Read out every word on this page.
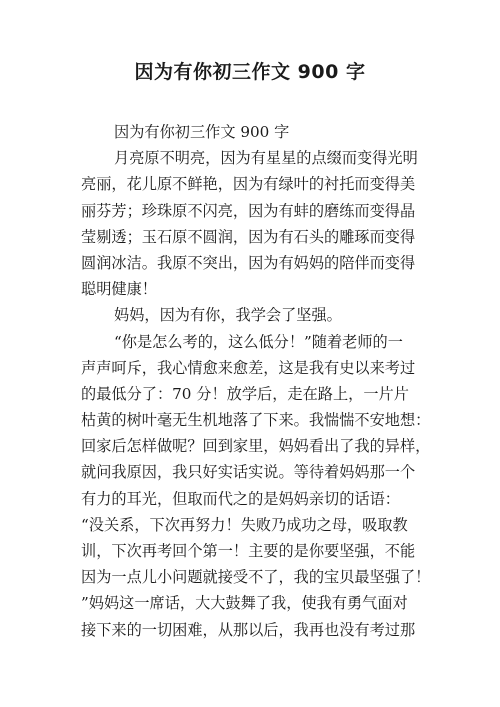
因为有你初三作文 900 字
因为有你初三作文 900 字
月亮原不明亮，因为有星星的点缀而变得光明
亮丽，花儿原不鲜艳，因为有绿叶的衬托而变得美
丽芬芳；珍珠原不闪亮，因为有蚌的磨练而变得晶
莹剔透；玉石原不圆润，因为有石头的雕琢而变得
圆润冰洁。我原不突出，因为有妈妈的陪伴而变得
聪明健康！
妈妈，因为有你，我学会了坚强。
“你是怎么考的，这么低分！”随着老师的一
声声呵斥，我心情愈来愈差，这是我有史以来考过
的最低分了：70 分！放学后，走在路上，一片片
枯黄的树叶毫无生机地落了下来。我惴惴不安地想：
回家后怎样做呢？回到家里，妈妈看出了我的异样，
就问我原因，我只好实话实说。等待着妈妈那一个
有力的耳光，但取而代之的是妈妈亲切的话语：
“没关系，下次再努力！失败乃成功之母，吸取教
训，下次再考回个第一！主要的是你要坚强，不能
因为一点儿小问题就接受不了，我的宝贝最坚强了！
”妈妈这一席话，大大鼓舞了我，使我有勇气面对
接下来的一切困难，从那以后，我再也没有考过那
